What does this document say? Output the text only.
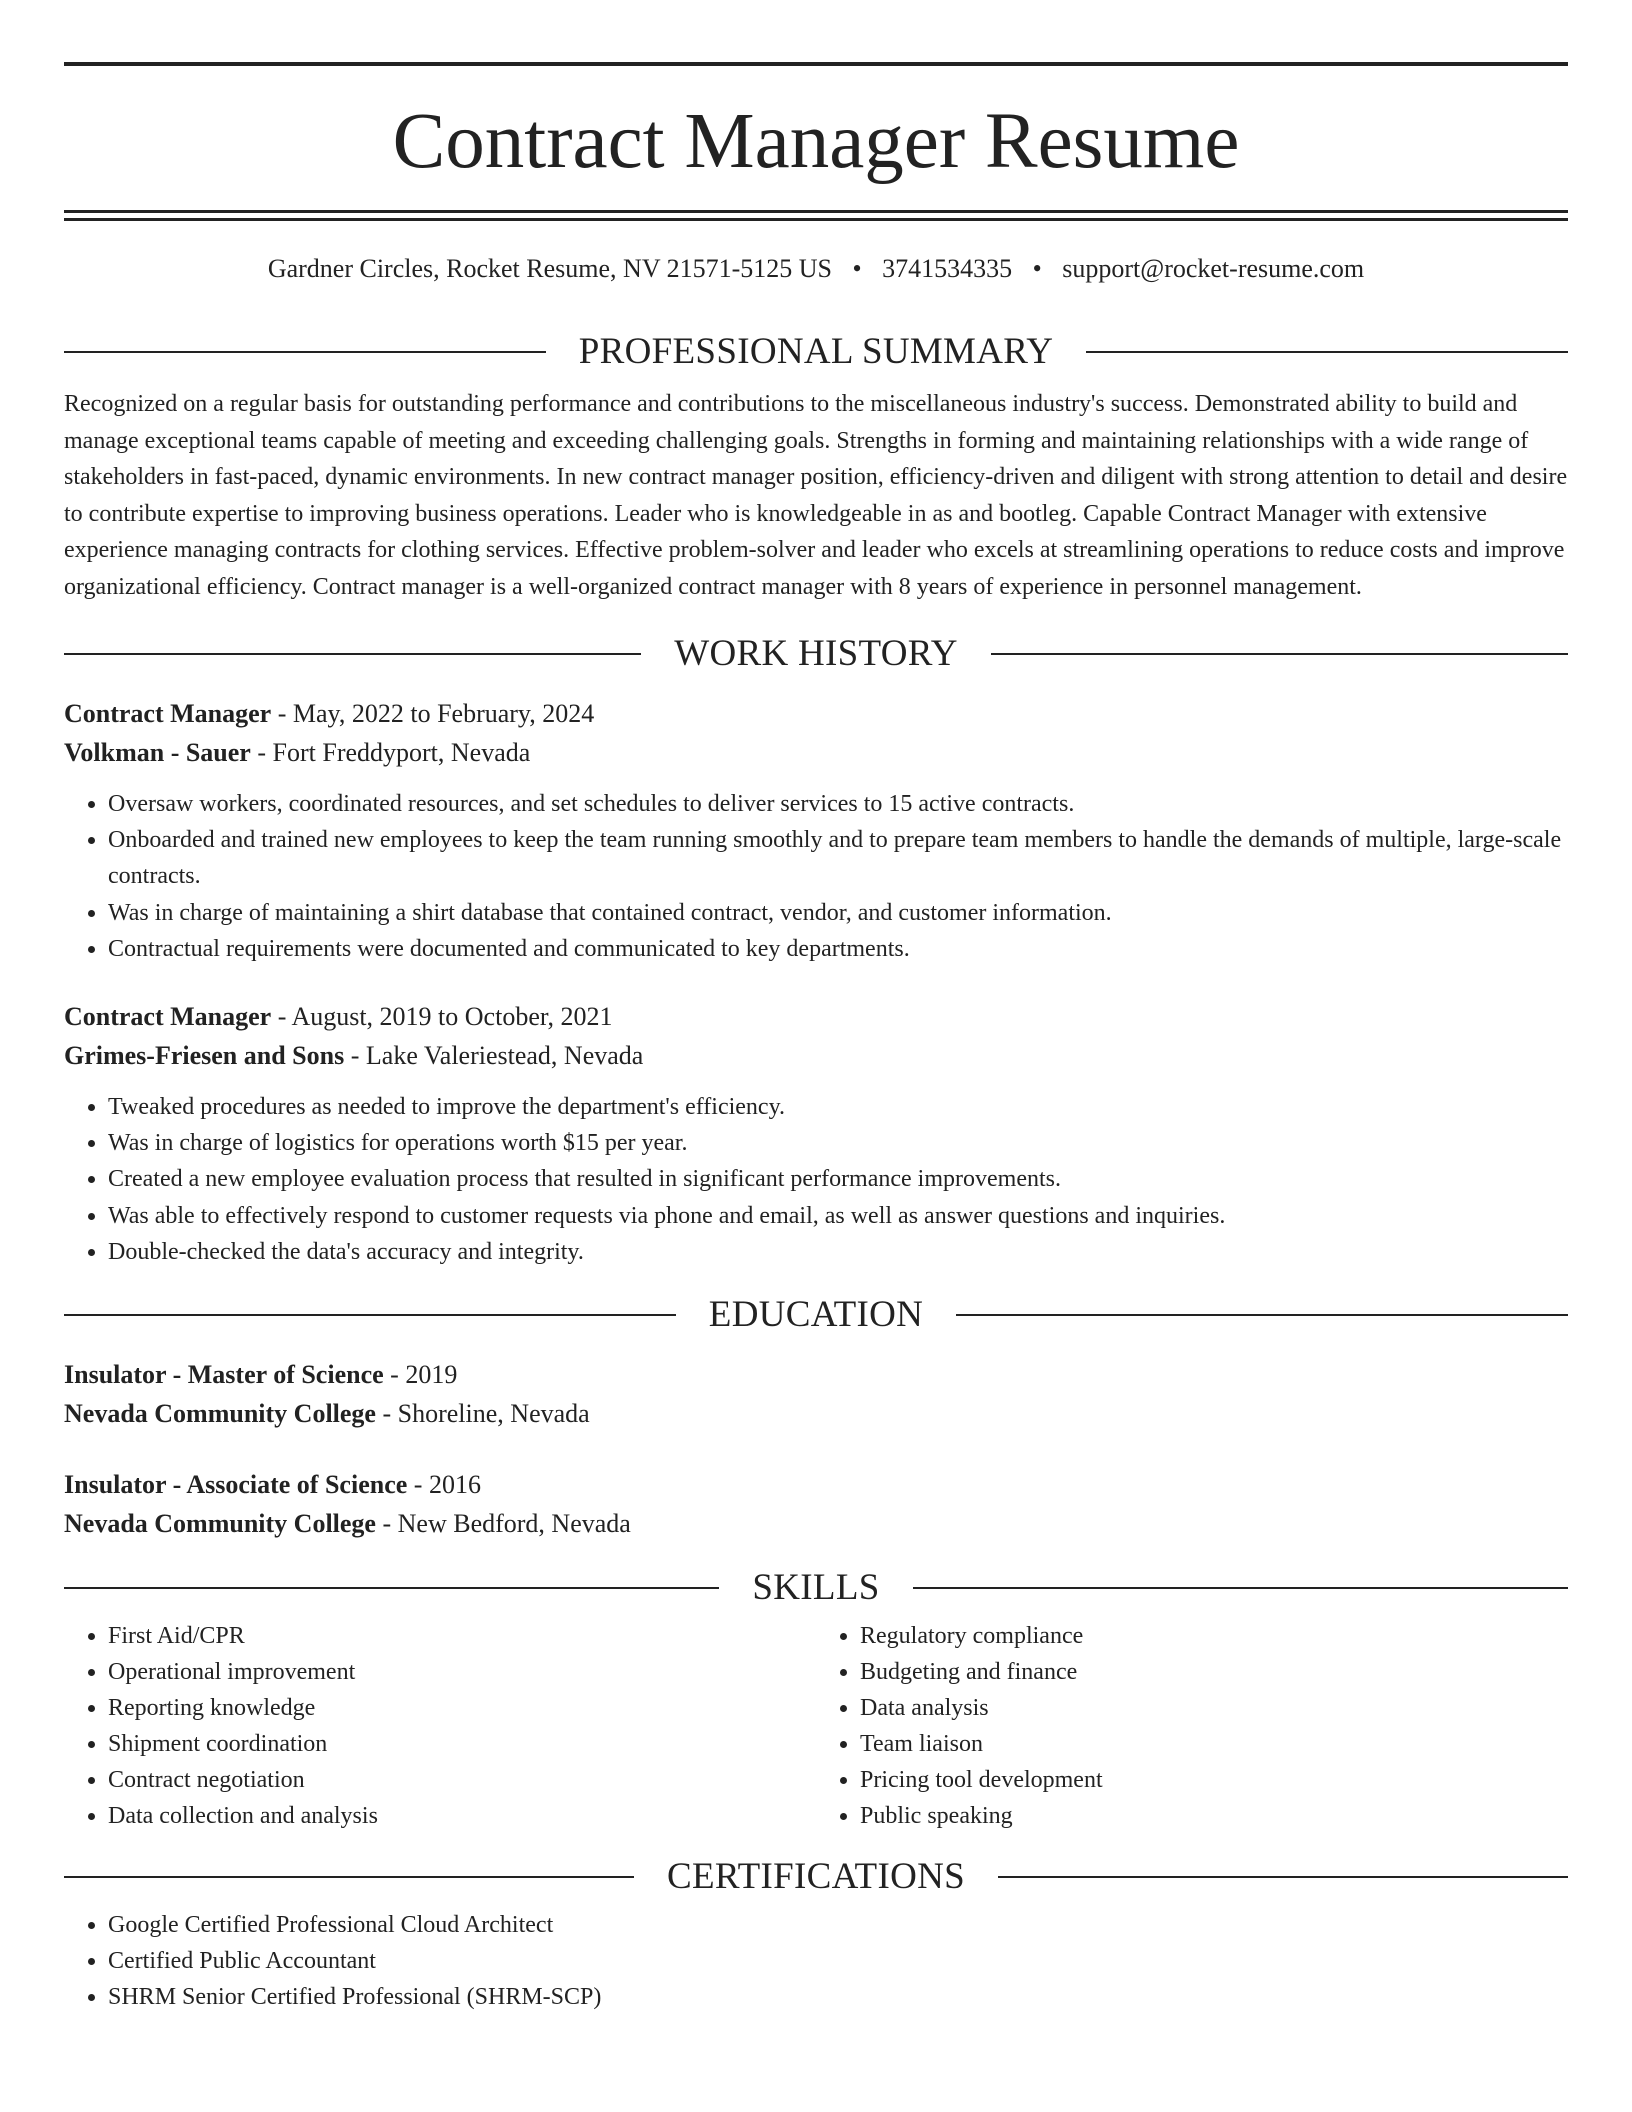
Contract Manager Resume
Gardner Circles, Rocket Resume, NV 21571-5125 US • 3741534335 • support@rocket-resume.com
PROFESSIONAL SUMMARY

Recognized on a regular basis for outstanding performance and contributions to the miscellaneous industry's success. Demonstrated ability to build and manage exceptional teams capable of meeting and exceeding challenging goals. Strengths in forming and maintaining relationships with a wide range of stakeholders in fast-paced, dynamic environments. In new contract manager position, efficiency-driven and diligent with strong attention to detail and desire to contribute expertise to improving business operations. Leader who is knowledgeable in as and bootleg. Capable Contract Manager with extensive experience managing contracts for clothing services. Effective problem-solver and leader who excels at streamlining operations to reduce costs and improve organizational efficiency. Contract manager is a well-organized contract manager with 8 years of experience in personnel management.

WORK HISTORY
Contract Manager - May, 2022 to February, 2024
Volkman - Sauer - Fort Freddyport, Nevada
• Oversaw workers, coordinated resources, and set schedules to deliver services to 15 active contracts.
• Onboarded and trained new employees to keep the team running smoothly and to prepare team members to handle the demands of multiple, large-scale contracts.
• Was in charge of maintaining a shirt database that contained contract, vendor, and customer information.
• Contractual requirements were documented and communicated to key departments.
Contract Manager - August, 2019 to October, 2021
Grimes-Friesen and Sons - Lake Valeriestead, Nevada
• Tweaked procedures as needed to improve the department's efficiency.
• Was in charge of logistics for operations worth $15 per year.
• Created a new employee evaluation process that resulted in significant performance improvements.
• Was able to effectively respond to customer requests via phone and email, as well as answer questions and inquiries.
• Double-checked the data's accuracy and integrity.
EDUCATION
Insulator - Master of Science - 2019
Nevada Community College - Shoreline, Nevada
Insulator - Associate of Science - 2016
Nevada Community College - New Bedford, Nevada
SKILLS
• First Aid/CPR
• Operational improvement
• Reporting knowledge
• Shipment coordination
• Contract negotiation
• Data collection and analysis
• Regulatory compliance
• Budgeting and finance
• Data analysis
• Team liaison
• Pricing tool development
• Public speaking
CERTIFICATIONS
• Google Certified Professional Cloud Architect
• Certified Public Accountant
• SHRM Senior Certified Professional (SHRM-SCP)
